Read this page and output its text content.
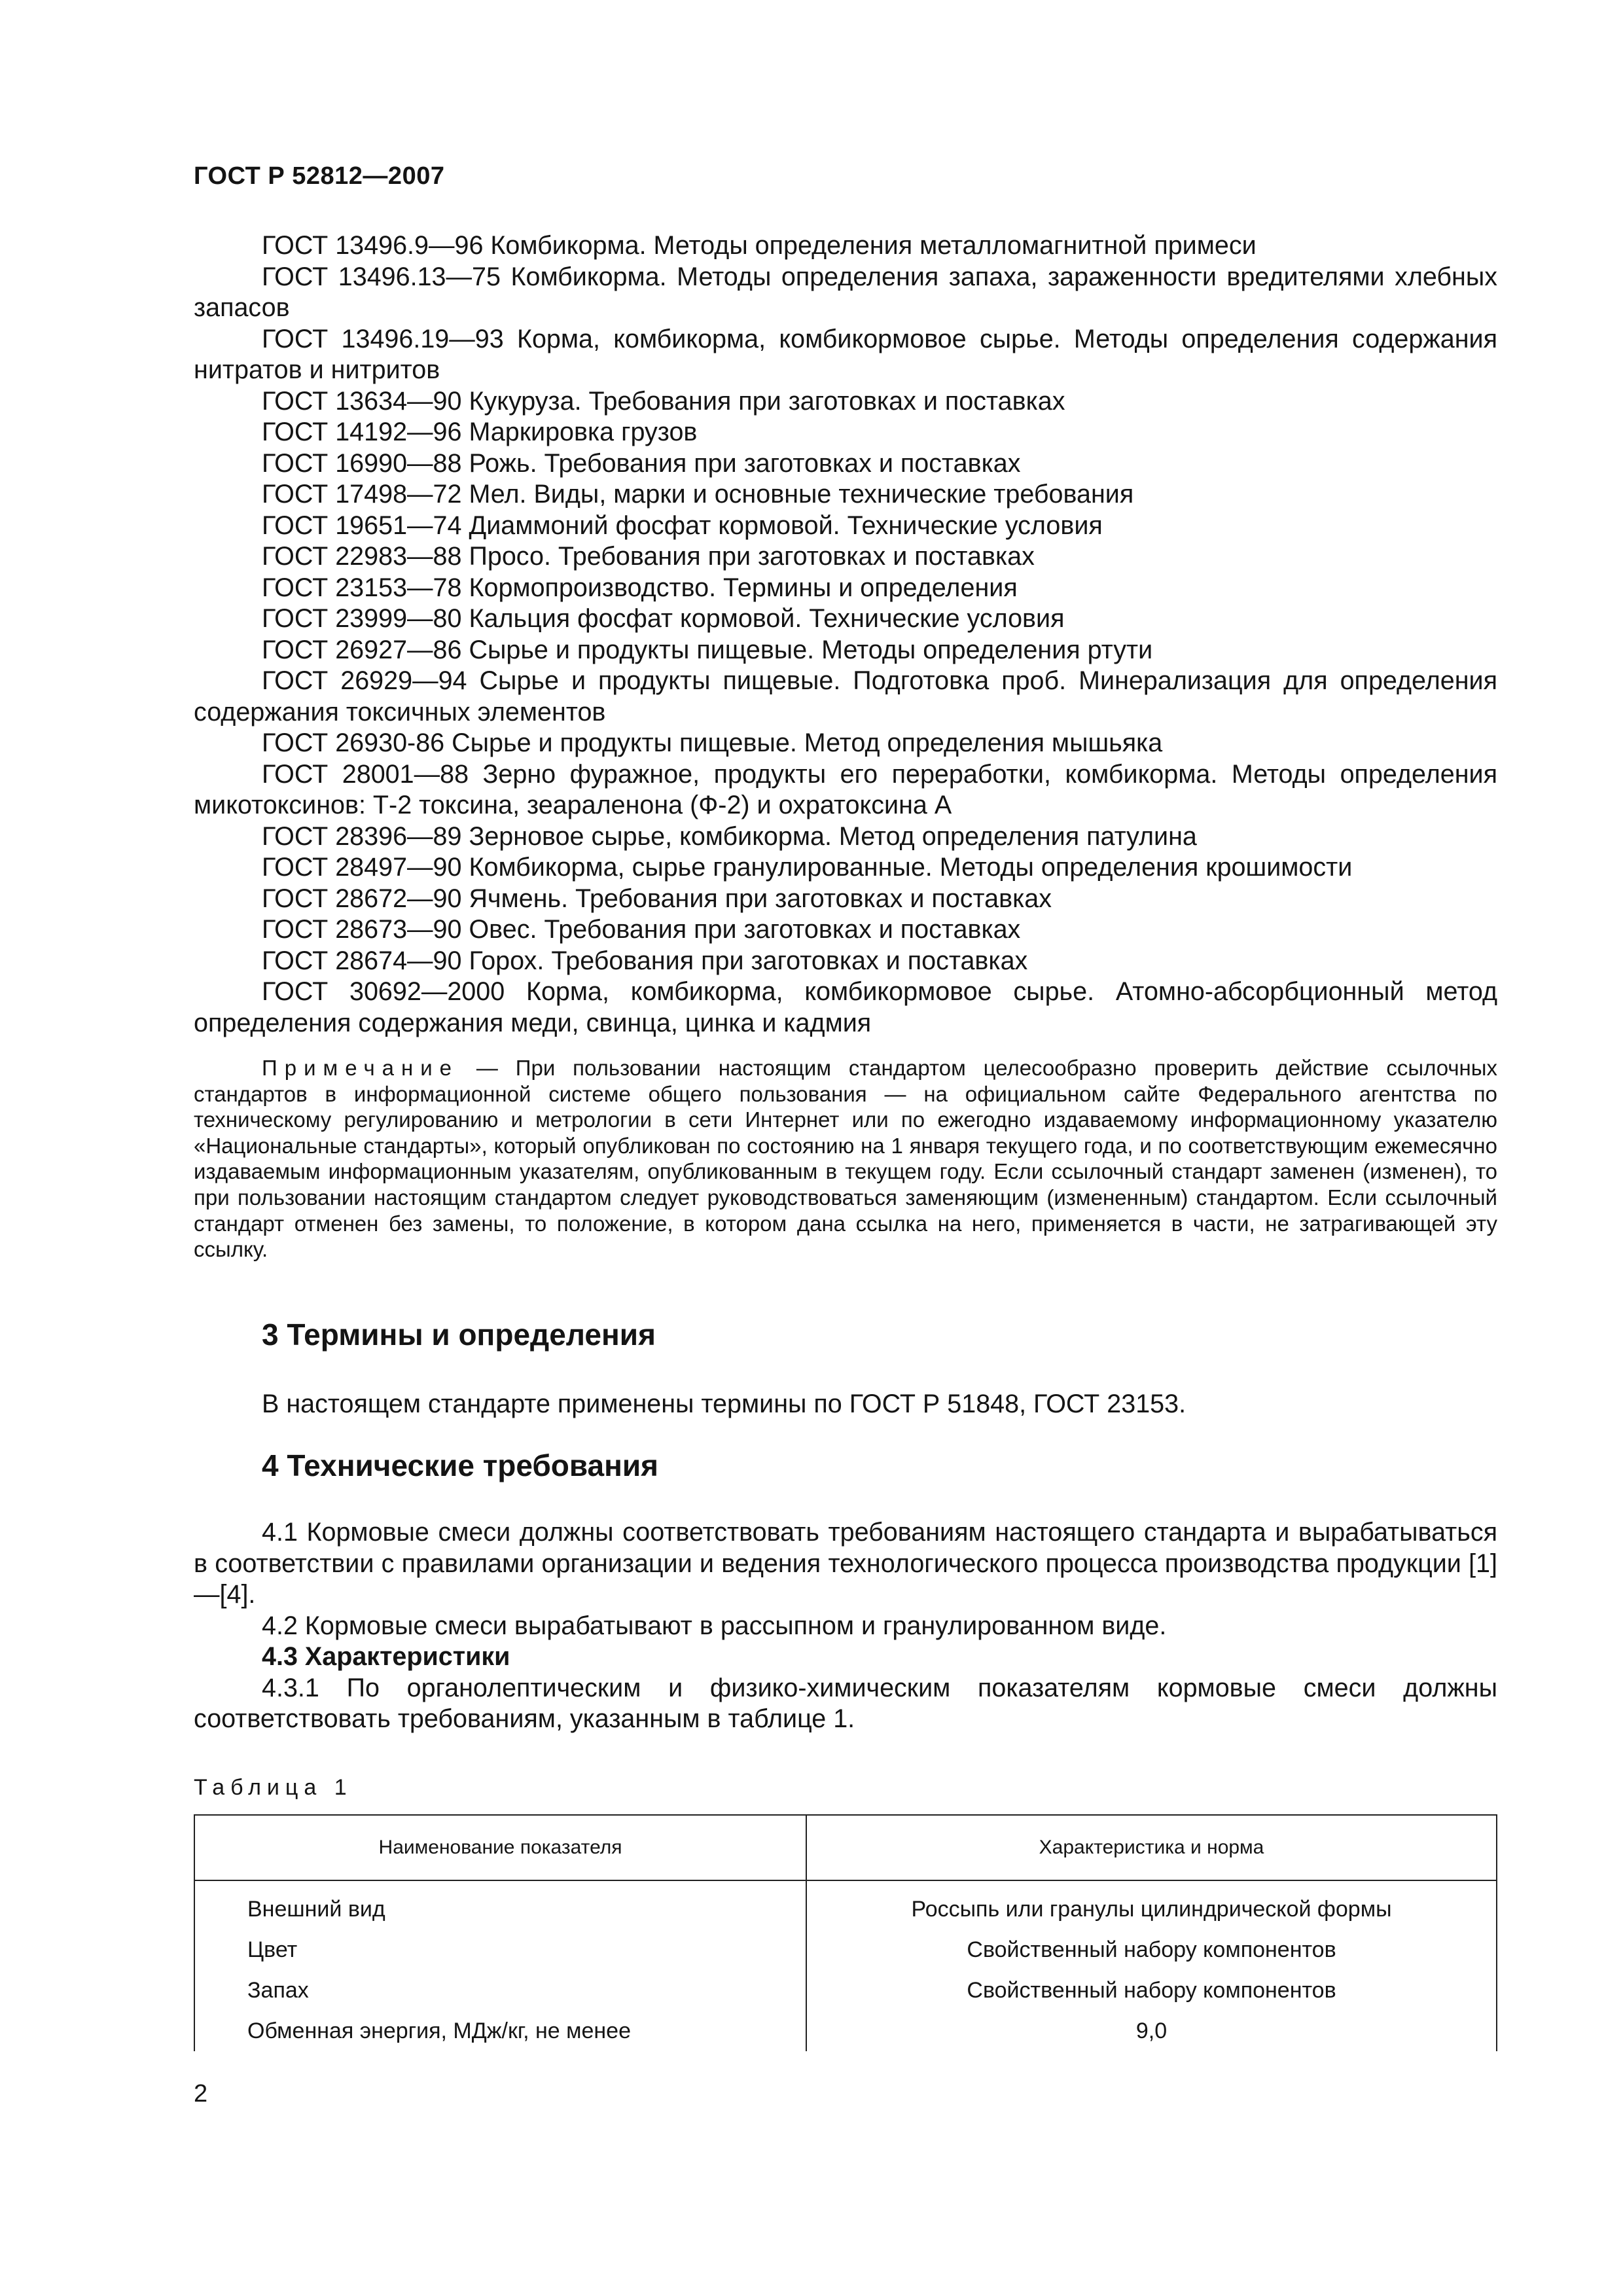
ГОСТ Р 52812—2007

ГОСТ 13496.9—96 Комбикорма. Методы определения металломагнитной примеси

ГОСТ 13496.13—75 Комбикорма. Методы определения запаха, зараженности вредителями хлебных запасов

ГОСТ 13496.19—93 Корма, комбикорма, комбикормовое сырье. Методы определения содержания нитратов и нитритов

ГОСТ 13634—90 Кукуруза. Требования при заготовках и поставках

ГОСТ 14192—96 Маркировка грузов

ГОСТ 16990—88 Рожь. Требования при заготовках и поставках

ГОСТ 17498—72 Мел. Виды, марки и основные технические требования

ГОСТ 19651—74 Диаммоний фосфат кормовой. Технические условия

ГОСТ 22983—88 Просо. Требования при заготовках и поставках

ГОСТ 23153—78 Кормопроизводство. Термины и определения

ГОСТ 23999—80 Кальция фосфат кормовой. Технические условия

ГОСТ 26927—86 Сырье и продукты пищевые. Методы определения ртути

ГОСТ 26929—94 Сырье и продукты пищевые. Подготовка проб. Минерализация для определения содержания токсичных элементов

ГОСТ 26930-86 Сырье и продукты пищевые. Метод определения мышьяка

ГОСТ 28001—88 Зерно фуражное, продукты его переработки, комбикорма. Методы определения микотоксинов: Т-2 токсина, зеараленона (Ф-2) и охратоксина А

ГОСТ 28396—89 Зерновое сырье, комбикорма. Метод определения патулина

ГОСТ 28497—90 Комбикорма, сырье гранулированные. Методы определения крошимости

ГОСТ 28672—90 Ячмень. Требования при заготовках и поставках

ГОСТ 28673—90 Овес. Требования при заготовках и поставках

ГОСТ 28674—90 Горох. Требования при заготовках и поставках

ГОСТ 30692—2000 Корма, комбикорма, комбикормовое сырье. Атомно-абсорбционный метод определения содержания меди, свинца, цинка и кадмия

Примечание — При пользовании настоящим стандартом целесообразно проверить действие ссылочных стандартов в информационной системе общего пользования — на официальном сайте Федерального агентства по техническому регулированию и метрологии в сети Интернет или по ежегодно издаваемому информационному указателю «Национальные стандарты», который опубликован по состоянию на 1 января текущего года, и по соответствующим ежемесячно издаваемым информационным указателям, опубликованным в текущем году. Если ссылочный стандарт заменен (изменен), то при пользовании настоящим стандартом следует руководствоваться заменяющим (измененным) стандартом. Если ссылочный стандарт отменен без замены, то положение, в котором дана ссылка на него, применяется в части, не затрагивающей эту ссылку.
3 Термины и определения

В настоящем стандарте применены термины по ГОСТ Р 51848, ГОСТ 23153.

4 Технические требования

4.1 Кормовые смеси должны соответствовать требованиям настоящего стандарта и вырабатываться в соответствии с правилами организации и ведения технологического процесса производства продукции [1]—[4].

4.2 Кормовые смеси вырабатывают в рассыпном и гранулированном виде.

4.3 Характеристики

4.3.1 По органолептическим и физико-химическим показателям кормовые смеси должны соответствовать требованиям, указанным в таблице 1.

Таблица 1
Наименование показателя	Характеристика и норма
Внешний вид	Россыпь или гранулы цилиндрической формы
Цвет	Свойственный набору компонентов
Запах	Свойственный набору компонентов
Обменная энергия, МДж/кг, не менее	9,0
2
